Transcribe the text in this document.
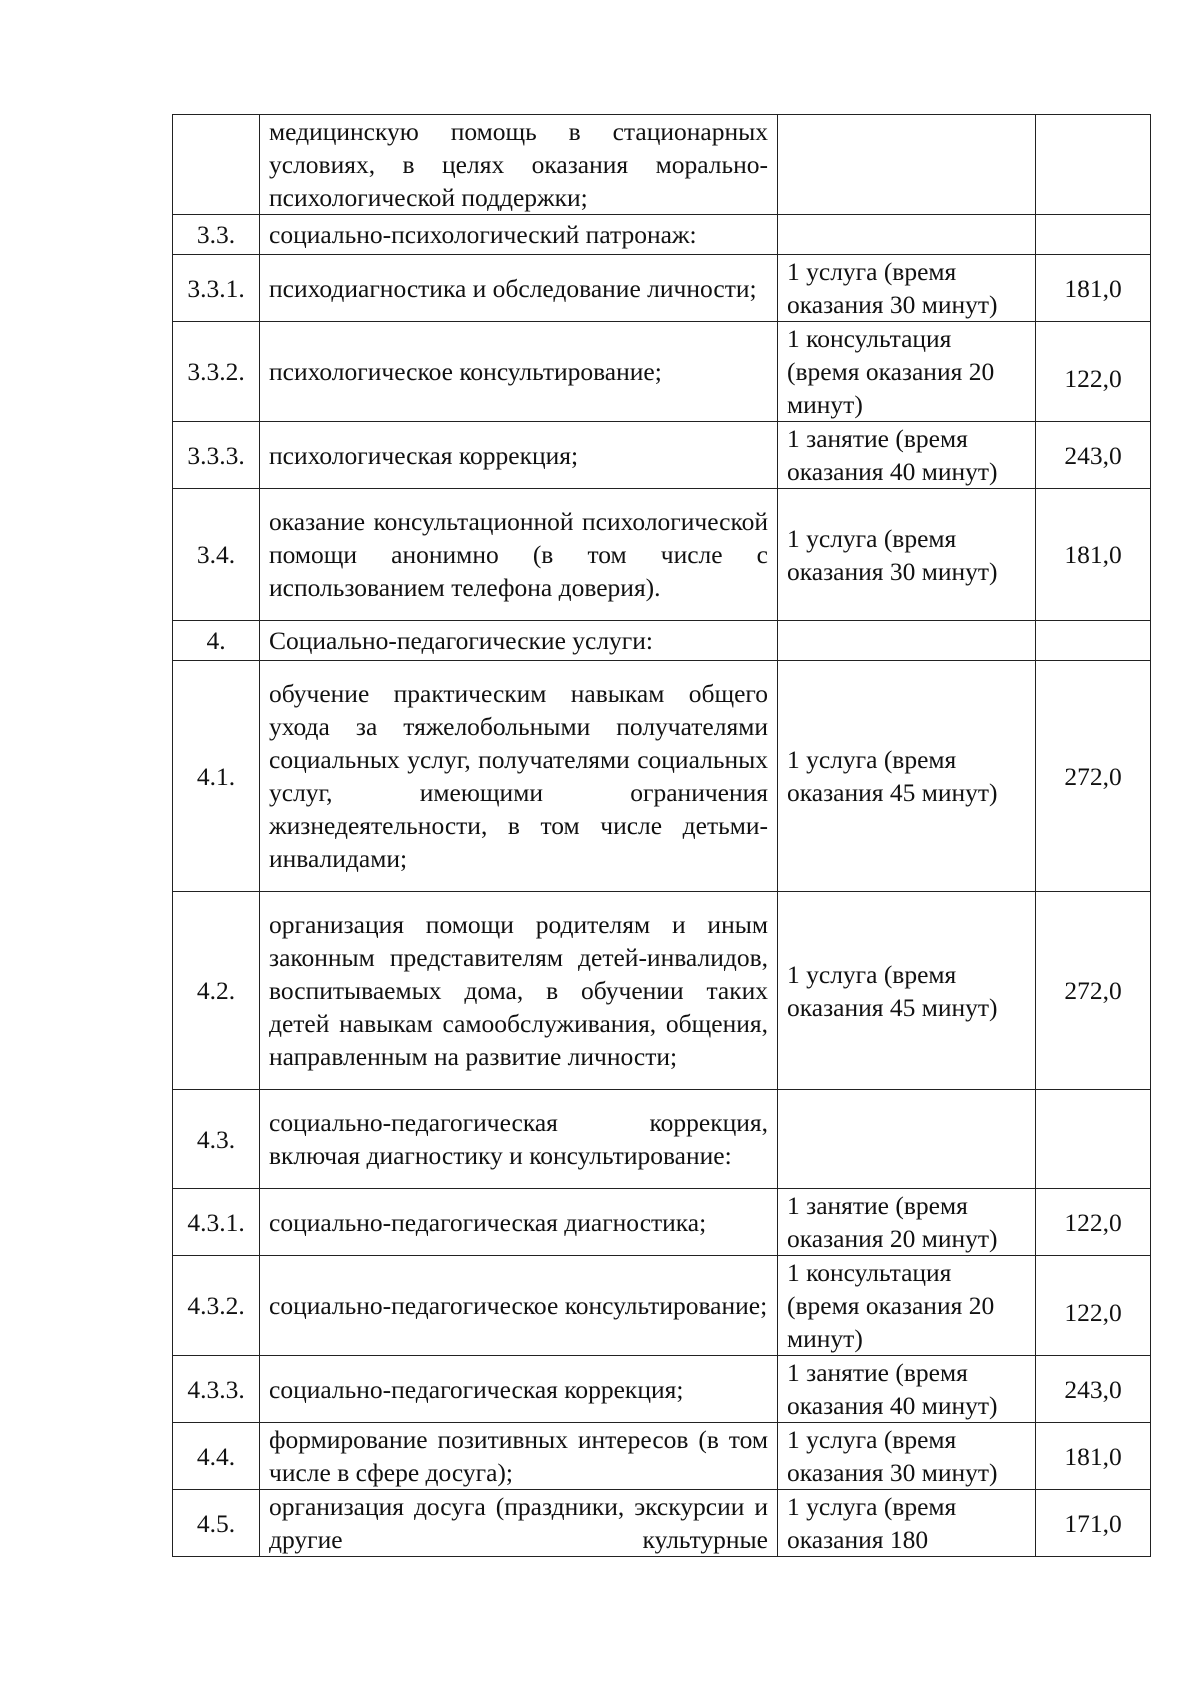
	медицинскую помощь в стационарных условиях, в целях оказания морально-психологической поддержки;		
3.3.	социально-психологический патронаж:		
3.3.1.	психодиагностика и обследование личности;	1 услуга (время оказания 30 минут)	181,0
3.3.2.	психологическое консультирование;	1 консультация (время оказания 20 минут)	122,0
3.3.3.	психологическая коррекция;	1 занятие (время оказания 40 минут)	243,0
3.4.	оказание консультационной психологической помощи анонимно (в том числе с использованием телефона доверия).	1 услуга (время оказания 30 минут)	181,0
4.	Социально-педагогические услуги:		
4.1.	обучение практическим навыкам общего ухода за тяжелобольными получателями социальных услуг, получателями социальных услуг, имеющими ограничения жизнедеятельности, в том числе детьми-инвалидами;	1 услуга (время оказания 45 минут)	272,0
4.2.	организация помощи родителям и иным законным представителям детей-инвалидов, воспитываемых дома, в обучении таких детей навыкам самообслуживания, общения, направленным на развитие личности;	1 услуга (время оказания 45 минут)	272,0
4.3.	социально-педагогическая коррекция, включая диагностику и консультирование:		
4.3.1.	социально-педагогическая диагностика;	1 занятие (время оказания 20 минут)	122,0
4.3.2.	социально-педагогическое консультирование;	1 консультация (время оказания 20 минут)	122,0
4.3.3.	социально-педагогическая коррекция;	1 занятие (время оказания 40 минут)	243,0
4.4.	формирование позитивных интересов (в том числе в сфере досуга);	1 услуга (время оказания 30 минут)	181,0
4.5.	организация досуга (праздники, экскурсии и другие культурные	1 услуга (время оказания 180	171,0
